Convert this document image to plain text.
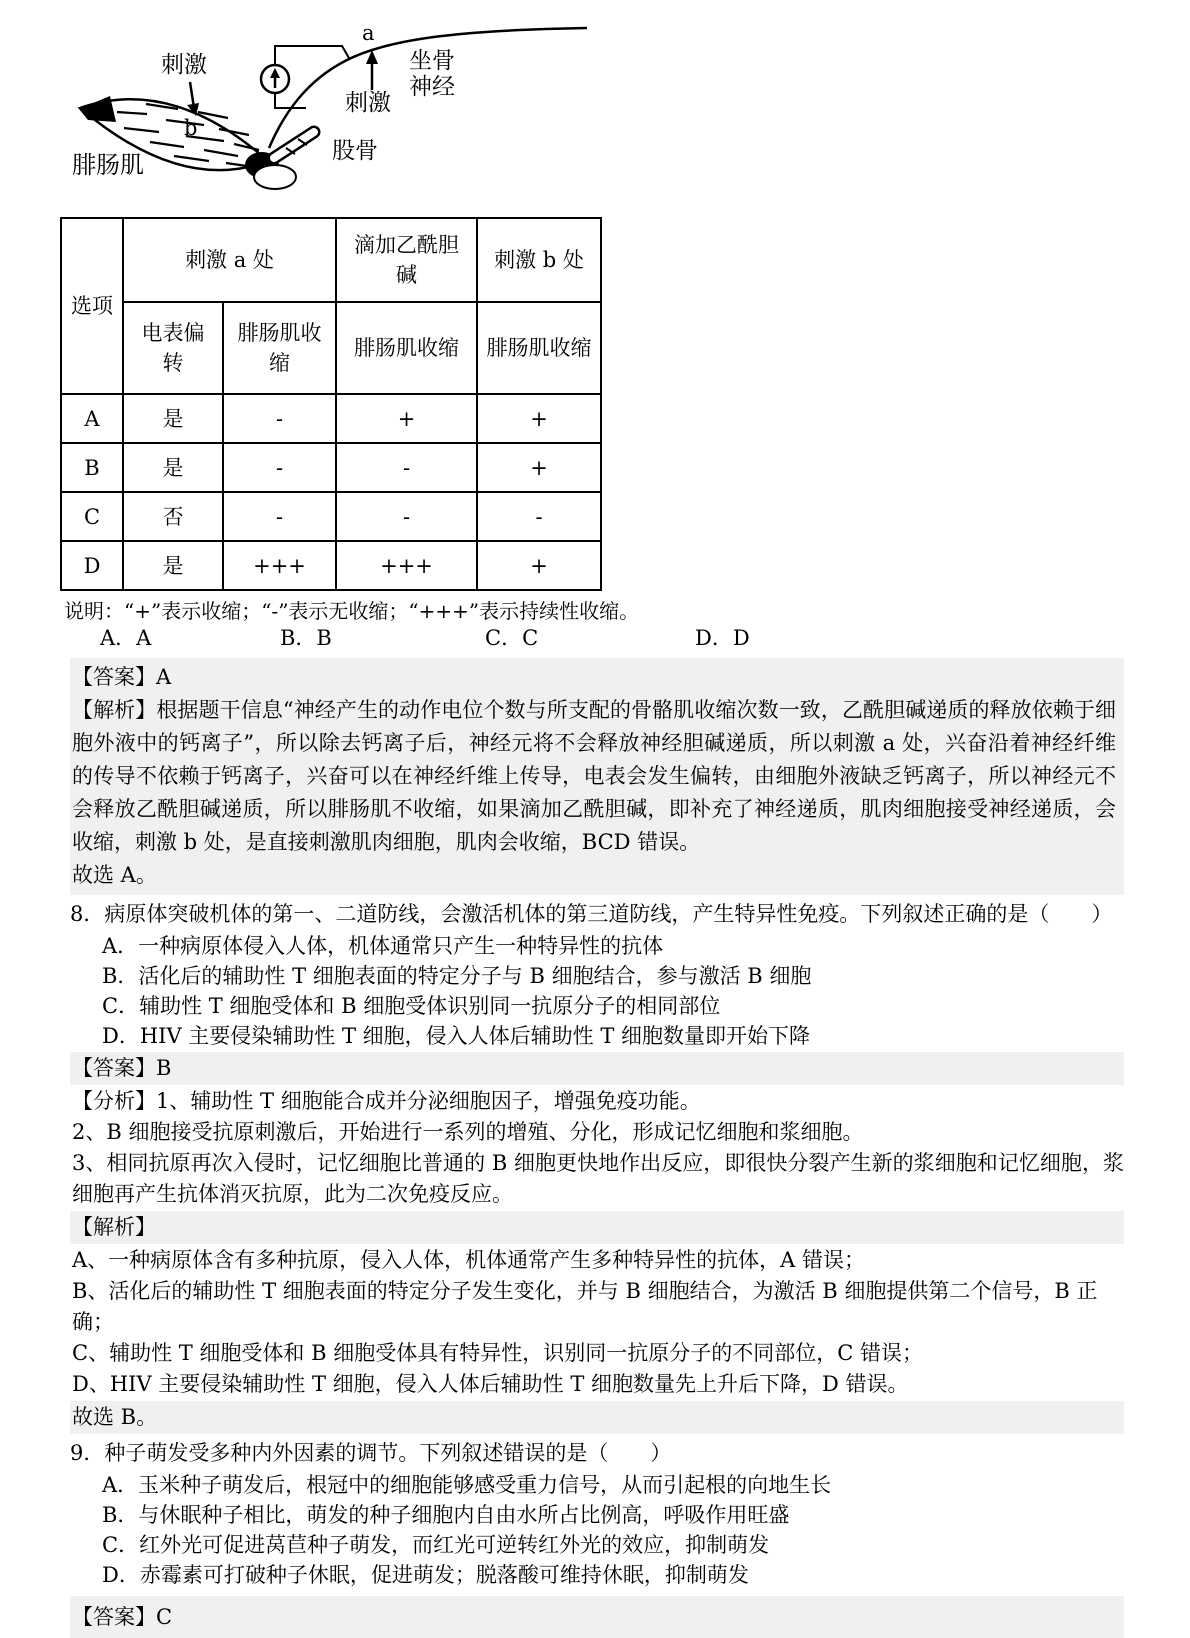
刺激
b
腓肠肌
a
刺激
坐骨
神经
股骨
选项	刺激 a 处		滴加乙酰胆碱	刺激 b 处
	电表偏转	腓肠肌收缩	腓肠肌收缩	腓肠肌收缩
A	是	-	+	+
B	是	-	-	+
C	否	-	-	-
D	是	+++	+++	+
说明：“+”表示收缩；“-”表示无收缩；“+++”表示持续性收缩。
A．A	B．B	C．C	D．D

【答案】A

【解析】根据题干信息“神经产生的动作电位个数与所支配的骨骼肌收缩次数一致，乙酰胆碱递质的释放依赖于细胞外液中的钙离子”，所以除去钙离子后，神经元将不会释放神经胆碱递质，所以刺激 a 处，兴奋沿着神经纤维的传导不依赖于钙离子，兴奋可以在神经纤维上传导，电表会发生偏转，由细胞外液缺乏钙离子，所以神经元不会释放乙酰胆碱递质，所以腓肠肌不收缩，如果滴加乙酰胆碱，即补充了神经递质，肌肉细胞接受神经递质，会收缩，刺激 b 处，是直接刺激肌肉细胞，肌肉会收缩，BCD 错误。

故选 A。

8．病原体突破机体的第一、二道防线，会激活机体的第三道防线，产生特异性免疫。下列叙述正确的是（　　）
A．一种病原体侵入人体，机体通常只产生一种特异性的抗体
B．活化后的辅助性 T 细胞表面的特定分子与 B 细胞结合，参与激活 B 细胞
C．辅助性 T 细胞受体和 B 细胞受体识别同一抗原分子的相同部位
D．HIV 主要侵染辅助性 T 细胞，侵入人体后辅助性 T 细胞数量即开始下降
【答案】B
【分析】1、辅助性 T 细胞能合成并分泌细胞因子，增强免疫功能。
2、B 细胞接受抗原刺激后，开始进行一系列的增殖、分化，形成记忆细胞和浆细胞。

3、相同抗原再次入侵时，记忆细胞比普通的 B 细胞更快地作出反应，即很快分裂产生新的浆细胞和记忆细胞，浆细胞再产生抗体消灭抗原，此为二次免疫反应。

【解析】
A、一种病原体含有多种抗原，侵入人体，机体通常产生多种特异性的抗体，A 错误；
B、活化后的辅助性 T 细胞表面的特定分子发生变化，并与 B 细胞结合，为激活 B 细胞提供第二个信号，B 正确；
C、辅助性 T 细胞受体和 B 细胞受体具有特异性，识别同一抗原分子的不同部位，C 错误；
D、HIV 主要侵染辅助性 T 细胞，侵入人体后辅助性 T 细胞数量先上升后下降，D 错误。
故选 B。
9．种子萌发受多种内外因素的调节。下列叙述错误的是（　　）
A．玉米种子萌发后，根冠中的细胞能够感受重力信号，从而引起根的向地生长
B．与休眠种子相比，萌发的种子细胞内自由水所占比例高，呼吸作用旺盛
C．红外光可促进莴苣种子萌发，而红光可逆转红外光的效应，抑制萌发
D．赤霉素可打破种子休眠，促进萌发；脱落酸可维持休眠，抑制萌发
【答案】C
